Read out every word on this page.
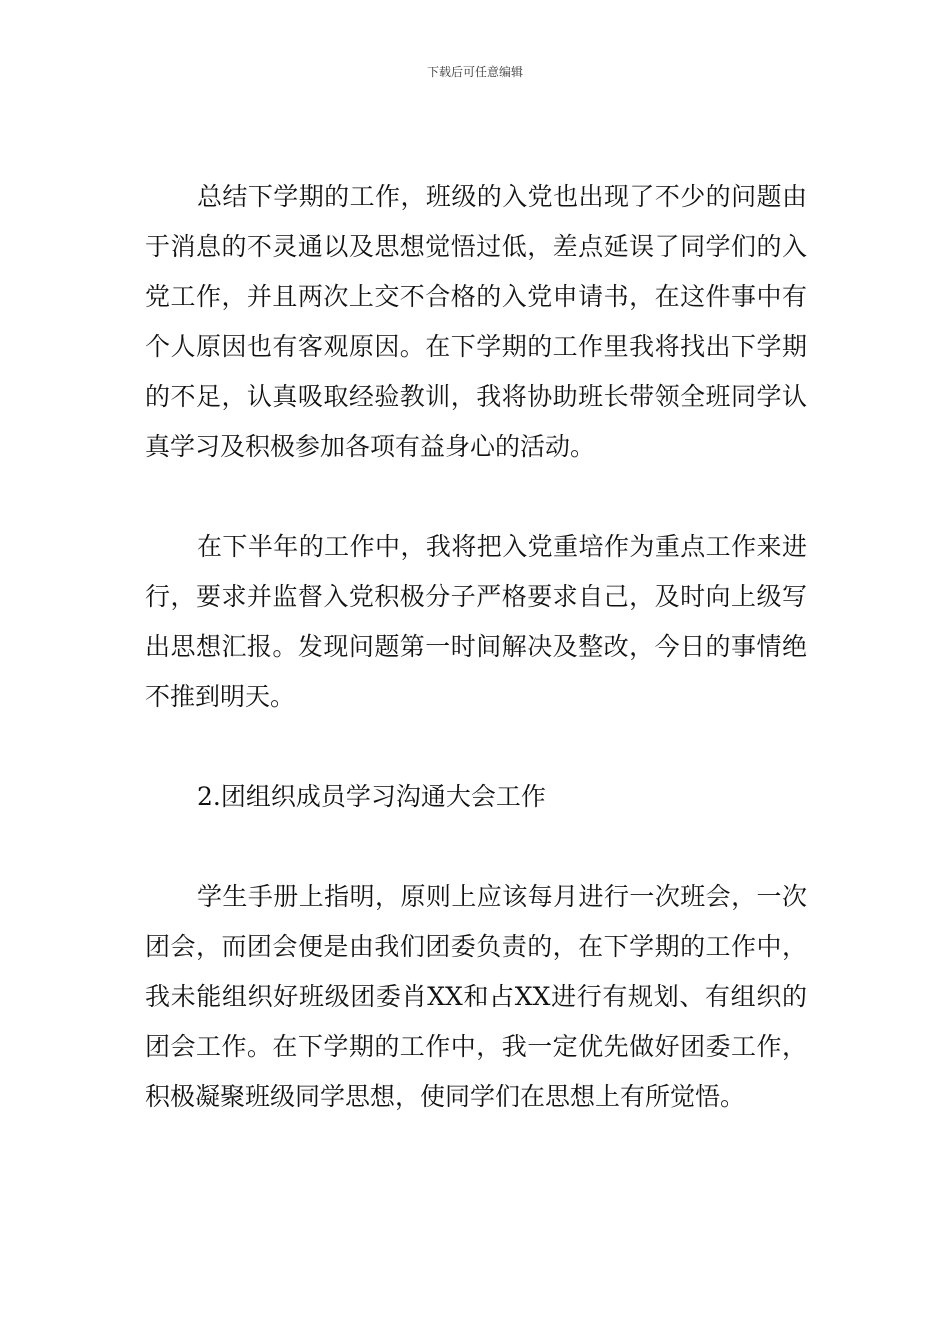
下载后可任意编辑

总结下学期的工作，班级的入党也出现了不少的问题由于消息的不灵通以及思想觉悟过低，差点延误了同学们的入党工作，并且两次上交不合格的入党申请书，在这件事中有个人原因也有客观原因。在下学期的工作里我将找出下学期的不足，认真吸取经验教训，我将协助班长带领全班同学认真学习及积极参加各项有益身心的活动。

在下半年的工作中，我将把入党重培作为重点工作来进行，要求并监督入党积极分子严格要求自己，及时向上级写出思想汇报。发现问题第一时间解决及整改，今日的事情绝不推到明天。

2.团组织成员学习沟通大会工作

学生手册上指明，原则上应该每月进行一次班会，一次团会，而团会便是由我们团委负责的，在下学期的工作中，我未能组织好班级团委肖XX和占XX进行有规划、有组织的团会工作。在下学期的工作中，我一定优先做好团委工作，积极凝聚班级同学思想，使同学们在思想上有所觉悟。
